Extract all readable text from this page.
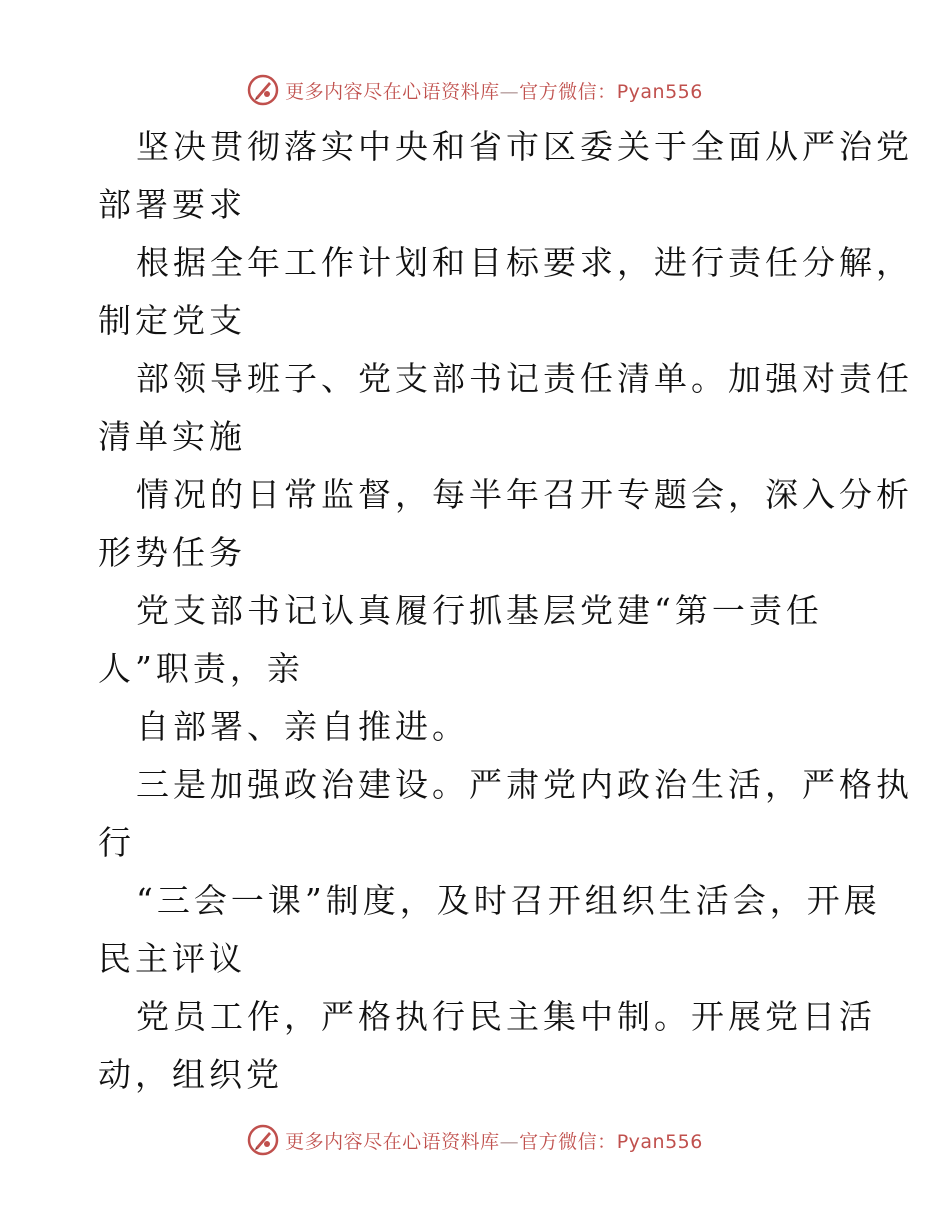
更多内容尽在心语资料库—官方微信：Pyan556
坚决贯彻落实中央和省市区委关于全面从严治党
部署要求
根据全年工作计划和目标要求，进行责任分解，
制定党支
部领导班子、党支部书记责任清单。加强对责任
清单实施
情况的日常监督，每半年召开专题会，深入分析
形势任务
党支部书记认真履行抓基层党建“第一责任
人”职责，亲
自部署、亲自推进。
三是加强政治建设。严肃党内政治生活，严格执
行
“三会一课”制度，及时召开组织生活会，开展
民主评议
党员工作，严格执行民主集中制。开展党日活
动，组织党
更多内容尽在心语资料库—官方微信：Pyan556
